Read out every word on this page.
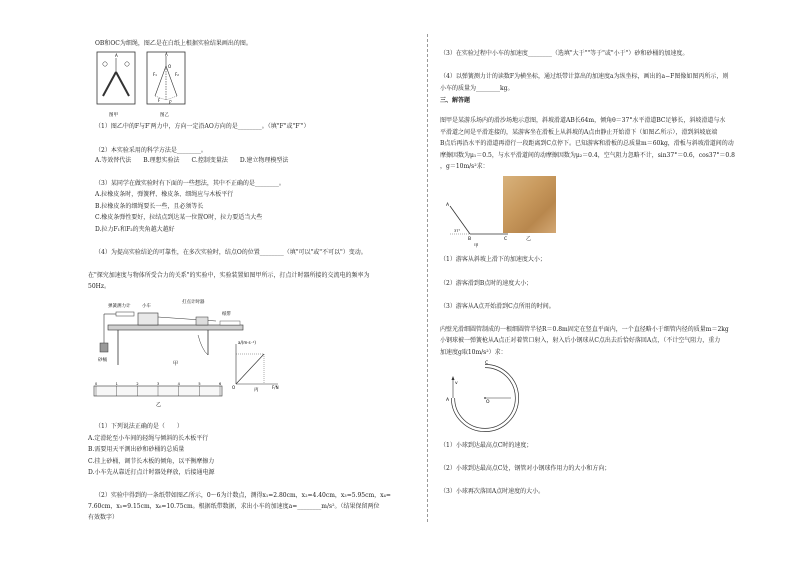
OB和OC为细绳，图乙是在白纸上根据实验结果画出的图。
A
图甲
A
O
F₁	F₂
F F'
图乙
（1）图乙中的F与F′两力中，方向一定沿AO方向的是________。（填"F"或"F′"）
（2）本实验采用的科学方法是________。
A.等效替代法　　B.理想实验法　　C.控制变量法　　D.建立物理模型法
（3）某同学在做实验时有下面的一些想法，其中不正确的是________。
A.拉橡皮条时，弹簧秤、橡皮条、细绳应与木板平行
B.拉橡皮条的细绳要长一些，且必须等长
C.橡皮条弹性要好，拉结点到达某一位置O时，拉力要适当大些
D.拉力F₁和F₂的夹角越大越好
（4）为提高实验结论的可靠性，在多次实验时，结点O的位置________（填"可以"或"不可以"）变动。
在"探究加速度与物体所受合力的关系"的实验中，实验装置如图甲所示，打点计时器所接的交流电的频率为
50Hz。
弹簧测力计	小车
打点计时器
纸带
砂桶
甲
a/(m·s⁻²)
F/N
O
丙
0	1	2	3	4	5	6
乙
（1）下列说法正确的是（　　）
A.定滑轮至小车间的轻绳与倾斜的长木板平行
B.需要用天平测出砂和砂桶的总质量
C.挂上砂桶，调节长木板的倾角，以平衡摩擦力
D.小车先从靠近打点计时器处释放，后接通电源
（2）实验中得到的一条纸带如图乙所示，0～6为计数点，测得x₁=2.80cm，x₂=4.40cm，x₃=5.95cm，x₄=
7.60cm，x₅=9.15cm，x₆=10.75cm。根据纸带数据，求出小车的加速度a=________m/s²。（结果保留两位
有效数字）
（3）在实验过程中小车的加速度________（选填"大于""等于"或"小于"）砂和砂桶的加速度。
（4）以弹簧测力计的读数F为横坐标，通过纸带计算出的加速度a为纵坐标，画出的a−F图像如图丙所示，则
小车的质量为________kg。
三、解答题
图甲是某游乐场内的滑沙场地示意图，斜坡滑道AB长64m，倾角θ＝37°水平滑道BC足够长，斜坡滑道与水
平滑道之间是平滑连接的，某游客坐在滑板上从斜坡的A点由静止开始滑下（如图乙所示），滑到斜坡底端
B点后再沿水平的滑道再滑行一段距离到C点停下。已知游客和滑板的总质量m＝60kg，滑板与斜坡滑道间的动
摩擦因数为μ₁＝0.5，与水平滑道间的动摩擦因数为μ₂＝0.4，空气阻力忽略不计，sin37°＝0.6，cos37°＝0.8
，g＝10m/s²求：
A
B	C
37°
甲
乙
（1）游客从斜坡上滑下的加速度大小；
（2）游客滑到B点时的速度大小；
（3）游客从A点开始滑到C点所用的时间。
内壁光滑细圆管制成的一根细圆管半径R＝0.8m固定在竖直平面内，一个直径略小于细管内径的质量m＝2kg
小钢球被一弹簧枪从A点正对着管口射入，射入后小钢球从C点出去后恰好落回A点，（不计空气阻力，重力
加速度g取10m/s²）求：
C
A	O
v
（1）小球到达最高点C时的速度；
（2）小球到达最高点C处，钢管对小钢球作用力的大小和方向；
（3）小球再次落回A点时速度的大小。
